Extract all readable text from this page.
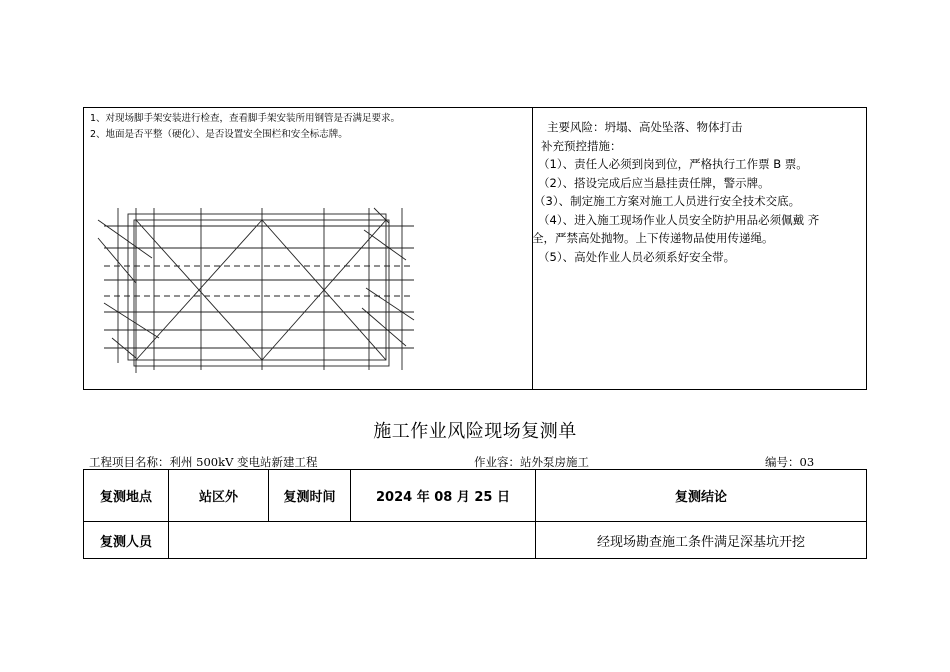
1、对现场脚手架安装进行检查，查看脚手架安装所用钢管是否满足要求。
2、地面是否平整（硬化）、是否设置安全围栏和安全标志牌。
主要风险：坍塌、高处坠落、物体打击
补充预控措施：
（1）、责任人必须到岗到位，严格执行工作票 B 票。
（2）、搭设完成后应当悬挂责任牌，警示牌。
（3）、制定施工方案对施工人员进行安全技术交底。
（4）、进入施工现场作业人员安全防护用品必须佩戴 齐
全，严禁高处抛物。上下传递物品使用传递绳。
（5）、高处作业人员必须系好安全带。
施工作业风险现场复测单
工程项目名称：利州 500kV 变电站新建工程	作业容：站外泵房施工	编号：03
复测地点	站区外	复测时间	2024 年 08 月 25 日	复测结论
复测人员				经现场勘查施工条件满足深基坑开挖
